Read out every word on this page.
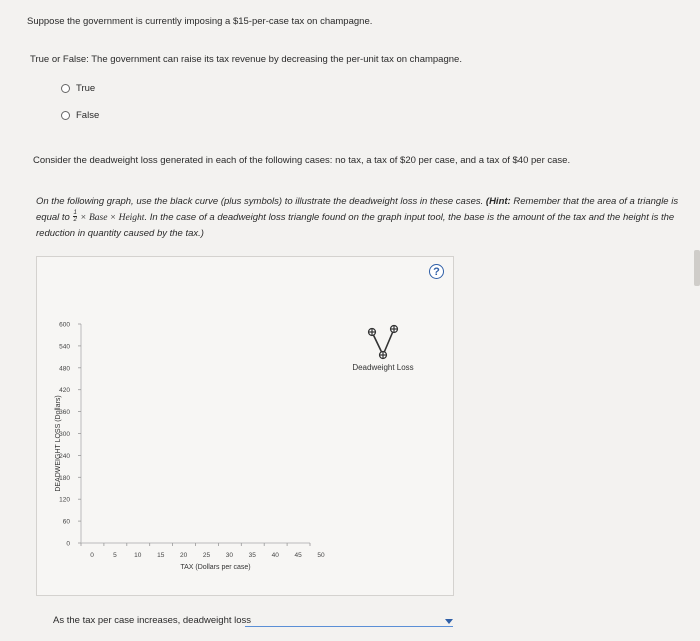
Suppose the government is currently imposing a $15-per-case tax on champagne.
True or False: The government can raise its tax revenue by decreasing the per-unit tax on champagne.
True
False
Consider the deadweight loss generated in each of the following cases: no tax, a tax of $20 per case, and a tax of $40 per case.
On the following graph, use the black curve (plus symbols) to illustrate the deadweight loss in these cases. (Hint: Remember that the area of a triangle is equal to $\frac{1}{2}$ × Base × Height. In the case of a deadweight loss triangle found on the graph input tool, the base is the amount of the tax and the height is the reduction in quantity caused by the tax.)
?
0
60
120
180
240
300
360
420
480
540
600
0	5	10 15 20 25 30 35 40 45 50
TAX (Dollars per case)
DEADWEIGHT LOSS (Dollars)
Deadweight Loss
As the tax per case increases, deadweight loss
